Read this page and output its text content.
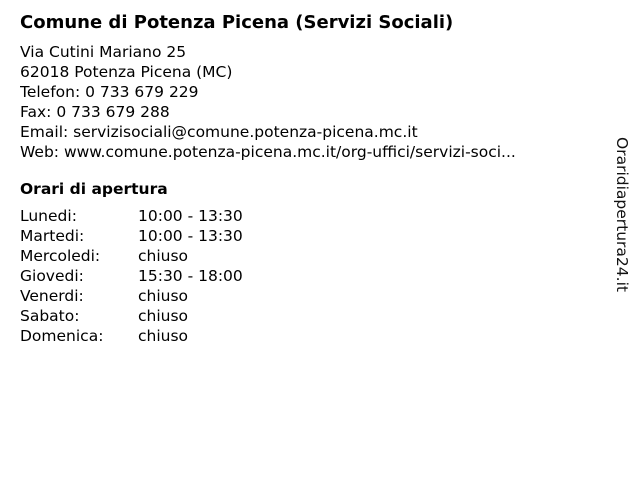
Comune di Potenza Picena (Servizi Sociali)
Via Cutini Mariano 25
62018 Potenza Picena (MC)
Telefon: 0 733 679 229
Fax: 0 733 679 288
Email: servizisociali@comune.potenza-picena.mc.it
Web: www.comune.potenza-picena.mc.it/org-uffici/servizi-soci...
Orari di apertura
Lunedi:	10:00 - 13:30
Martedi:	10:00 - 13:30
Mercoledi:	chiuso
Giovedi:	15:30 - 18:00
Venerdi:	chiuso
Sabato:	chiuso
Domenica:	chiuso
Oraridiapertura24.it
